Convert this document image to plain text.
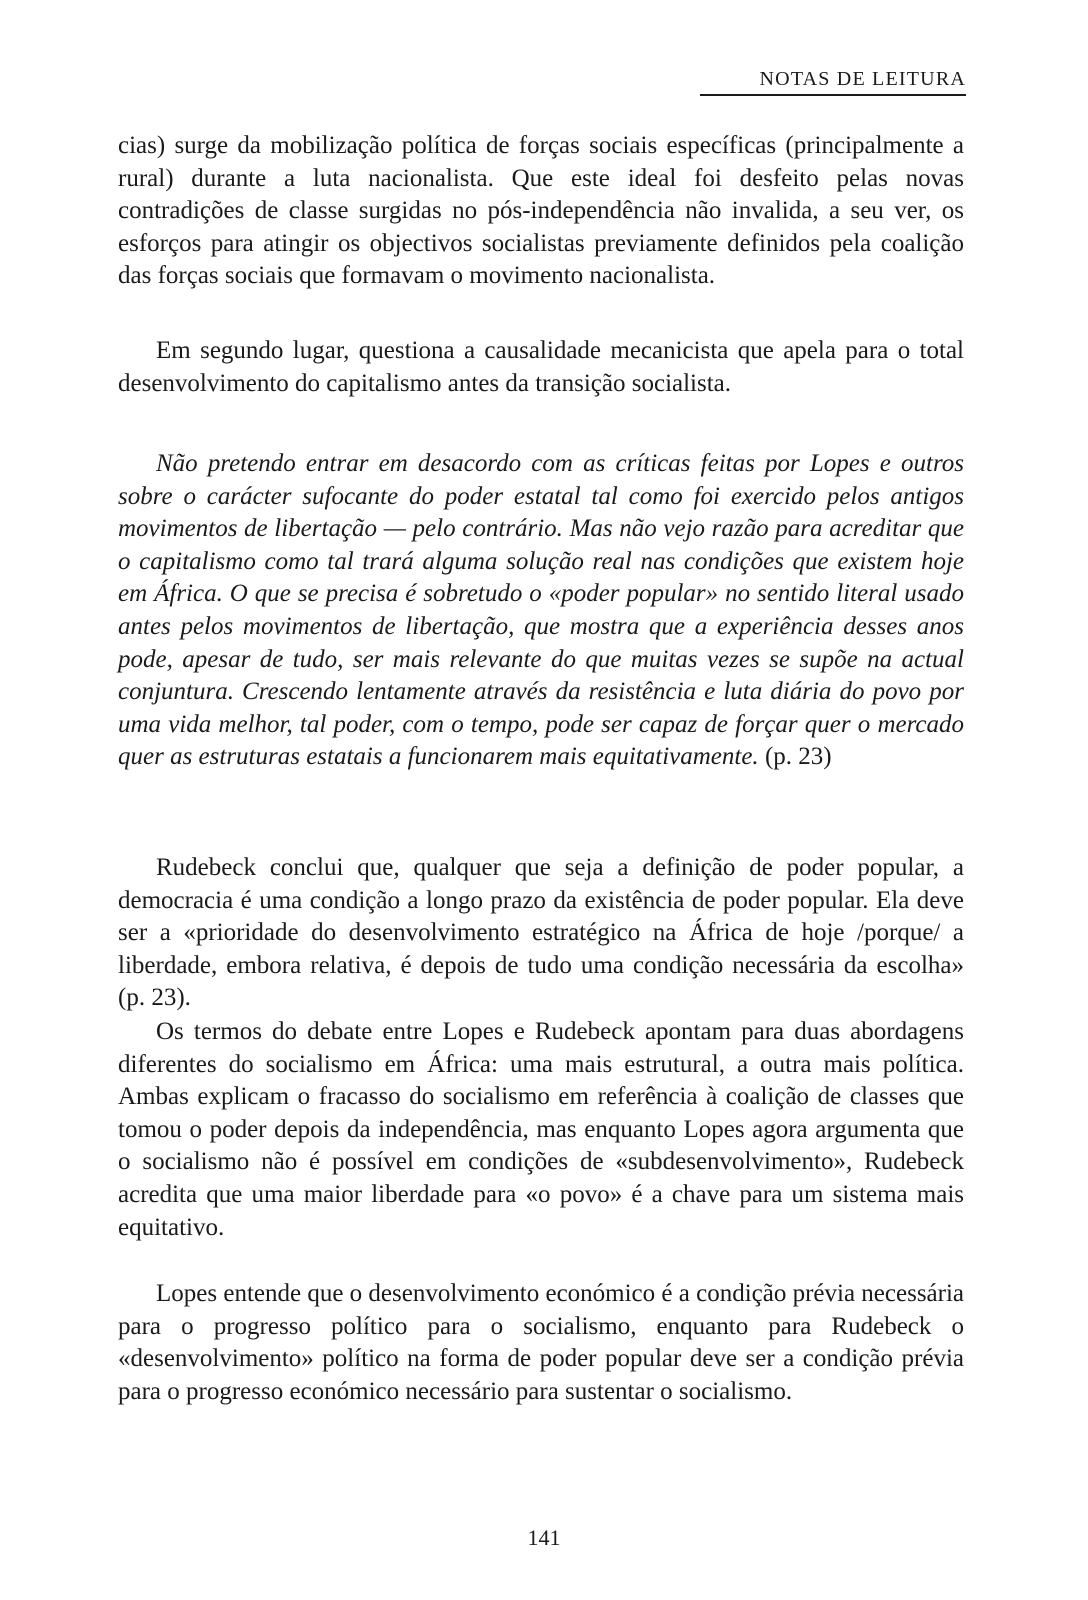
NOTAS DE LEITURA

cias) surge da mobilização política de forças sociais específicas (principalmente a rural) durante a luta nacionalista. Que este ideal foi desfeito pelas novas contradições de classe surgidas no pós-independência não invalida, a seu ver, os esforços para atingir os objectivos socialistas previamente definidos pela coalição das forças sociais que formavam o movimento nacionalista.

Em segundo lugar, questiona a causalidade mecanicista que apela para o total desenvolvimento do capitalismo antes da transição socialista.

Não pretendo entrar em desacordo com as críticas feitas por Lopes e outros sobre o carácter sufocante do poder estatal tal como foi exercido pelos antigos movimentos de libertação — pelo contrário. Mas não vejo razão para acreditar que o capitalismo como tal trará alguma solução real nas condições que existem hoje em África. O que se precisa é sobretudo o «poder popular» no sentido literal usado antes pelos movimentos de libertação, que mostra que a experiência desses anos pode, apesar de tudo, ser mais relevante do que muitas vezes se supõe na actual conjuntura. Crescendo lentamente através da resistência e luta diária do povo por uma vida melhor, tal poder, com o tempo, pode ser capaz de forçar quer o mercado quer as estruturas estatais a funcionarem mais equitativamente. (p. 23)

Rudebeck conclui que, qualquer que seja a definição de poder popular, a democracia é uma condição a longo prazo da existência de poder popular. Ela deve ser a «prioridade do desenvolvimento estratégico na África de hoje /porque/ a liberdade, embora relativa, é depois de tudo uma condição necessária da escolha» (p. 23).

Os termos do debate entre Lopes e Rudebeck apontam para duas abordagens diferentes do socialismo em África: uma mais estrutural, a outra mais política. Ambas explicam o fracasso do socialismo em referência à coalição de classes que tomou o poder depois da independência, mas enquanto Lopes agora argumenta que o socialismo não é possível em condições de «subdesenvolvimento», Rudebeck acredita que uma maior liberdade para «o povo» é a chave para um sistema mais equitativo.

Lopes entende que o desenvolvimento económico é a condição prévia necessária para o progresso político para o socialismo, enquanto para Rudebeck o «desenvolvimento» político na forma de poder popular deve ser a condição prévia para o progresso económico necessário para sustentar o socialismo.

141
